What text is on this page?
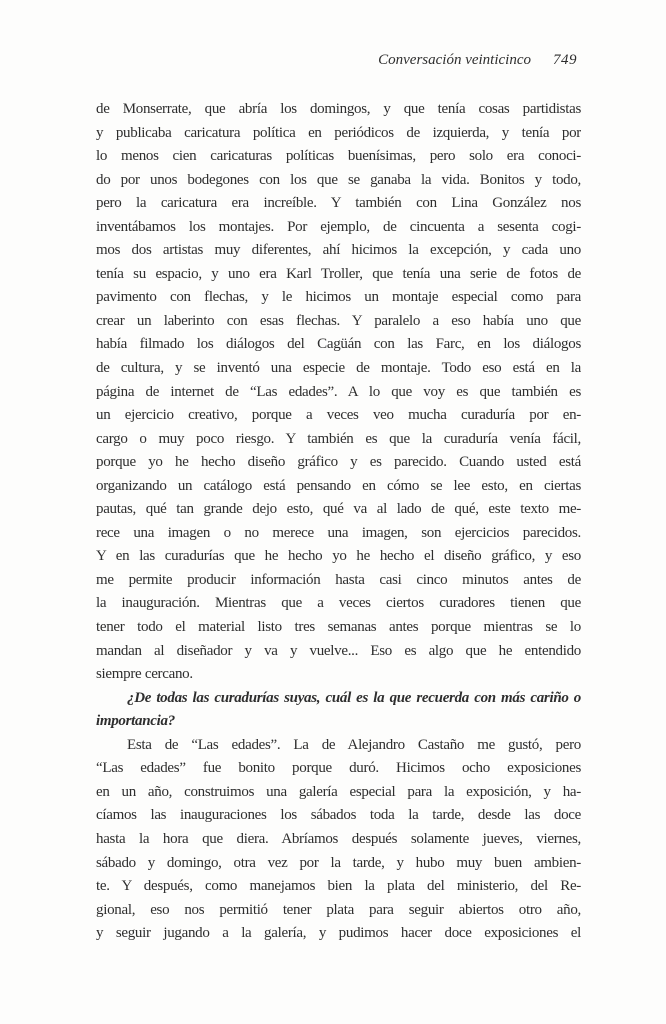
Conversación veinticinco 749
de Monserrate, que abría los domingos, y que tenía cosas partidistas
y publicaba caricatura política en periódicos de izquierda, y tenía por
lo menos cien caricaturas políticas buenísimas, pero solo era conoci-
do por unos bodegones con los que se ganaba la vida. Bonitos y todo,
pero la caricatura era increíble. Y también con Lina González nos
inventábamos los montajes. Por ejemplo, de cincuenta a sesenta cogi-
mos dos artistas muy diferentes, ahí hicimos la excepción, y cada uno
tenía su espacio, y uno era Karl Troller, que tenía una serie de fotos de
pavimento con flechas, y le hicimos un montaje especial como para
crear un laberinto con esas flechas. Y paralelo a eso había uno que
había filmado los diálogos del Cagüán con las Farc, en los diálogos
de cultura, y se inventó una especie de montaje. Todo eso está en la
página de internet de “Las edades”. A lo que voy es que también es
un ejercicio creativo, porque a veces veo mucha curaduría por en-
cargo o muy poco riesgo. Y también es que la curaduría venía fácil,
porque yo he hecho diseño gráfico y es parecido. Cuando usted está
organizando un catálogo está pensando en cómo se lee esto, en ciertas
pautas, qué tan grande dejo esto, qué va al lado de qué, este texto me-
rece una imagen o no merece una imagen, son ejercicios parecidos.
Y en las curadurías que he hecho yo he hecho el diseño gráfico, y eso
me permite producir información hasta casi cinco minutos antes de
la inauguración. Mientras que a veces ciertos curadores tienen que
tener todo el material listo tres semanas antes porque mientras se lo
mandan al diseñador y va y vuelve... Eso es algo que he entendido
siempre cercano.
¿De todas las curadurías suyas, cuál es la que recuerda con más cariño o
importancia?
Esta de “Las edades”. La de Alejandro Castaño me gustó, pero
“Las edades” fue bonito porque duró. Hicimos ocho exposiciones
en un año, construimos una galería especial para la exposición, y ha-
cíamos las inauguraciones los sábados toda la tarde, desde las doce
hasta la hora que diera. Abríamos después solamente jueves, viernes,
sábado y domingo, otra vez por la tarde, y hubo muy buen ambien-
te. Y después, como manejamos bien la plata del ministerio, del Re-
gional, eso nos permitió tener plata para seguir abiertos otro año,
y seguir jugando a la galería, y pudimos hacer doce exposiciones el
